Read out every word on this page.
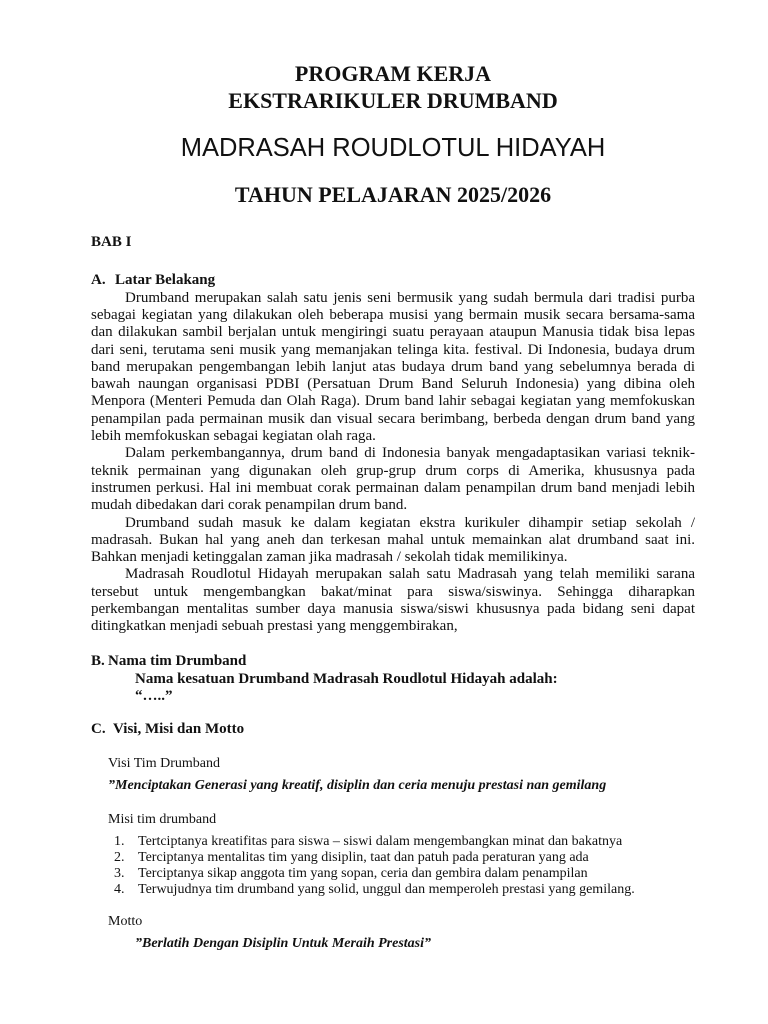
PROGRAM KERJA
EKSTRARIKULER DRUMBAND
MADRASAH ROUDLOTUL HIDAYAH
TAHUN PELAJARAN 2025/2026
BAB I
A. Latar Belakang

Drumband merupakan salah satu jenis seni bermusik yang sudah bermula dari tradisi purba sebagai kegiatan yang dilakukan oleh beberapa musisi yang bermain musik secara bersama-sama dan dilakukan sambil berjalan untuk mengiringi suatu perayaan ataupun Manusia tidak bisa lepas dari seni, terutama seni musik yang memanjakan telinga kita. festival. Di Indonesia, budaya drum band merupakan pengembangan lebih lanjut atas budaya drum band yang sebelumnya berada di bawah naungan organisasi PDBI (Persatuan Drum Band Seluruh Indonesia) yang dibina oleh Menpora (Menteri Pemuda dan Olah Raga). Drum band lahir sebagai kegiatan yang memfokuskan penampilan pada permainan musik dan visual secara berimbang, berbeda dengan drum band yang lebih memfokuskan sebagai kegiatan olah raga.

Dalam perkembangannya, drum band di Indonesia banyak mengadaptasikan variasi teknik-teknik permainan yang digunakan oleh grup-grup drum corps di Amerika, khususnya pada instrumen perkusi. Hal ini membuat corak permainan dalam penampilan drum band menjadi lebih mudah dibedakan dari corak penampilan drum band.

Drumband sudah masuk ke dalam kegiatan ekstra kurikuler dihampir setiap sekolah / madrasah. Bukan hal yang aneh dan terkesan mahal untuk memainkan alat drumband saat ini. Bahkan menjadi ketinggalan zaman jika madrasah / sekolah tidak memilikinya.

Madrasah Roudlotul Hidayah merupakan salah satu Madrasah yang telah memiliki sarana tersebut untuk mengembangkan bakat/minat para siswa/siswinya. Sehingga diharapkan perkembangan mentalitas sumber daya manusia siswa/siswi khususnya pada bidang seni dapat ditingkatkan menjadi sebuah prestasi yang menggembirakan,

B. Nama tim Drumband
Nama kesatuan Drumband Madrasah Roudlotul Hidayah adalah:
“…..”
C. Visi, Misi dan Motto
Visi Tim Drumband
”Menciptakan Generasi yang kreatif, disiplin dan ceria menuju prestasi nan gemilang
Misi tim drumband
1. Tertciptanya kreatifitas para siswa – siswi dalam mengembangkan minat dan bakatnya
2. Terciptanya mentalitas tim yang disiplin, taat dan patuh pada peraturan yang ada
3. Terciptanya sikap anggota tim yang sopan, ceria dan gembira dalam penampilan
4. Terwujudnya tim drumband yang solid, unggul dan memperoleh prestasi yang gemilang.
Motto
”Berlatih Dengan Disiplin Untuk Meraih Prestasi”
